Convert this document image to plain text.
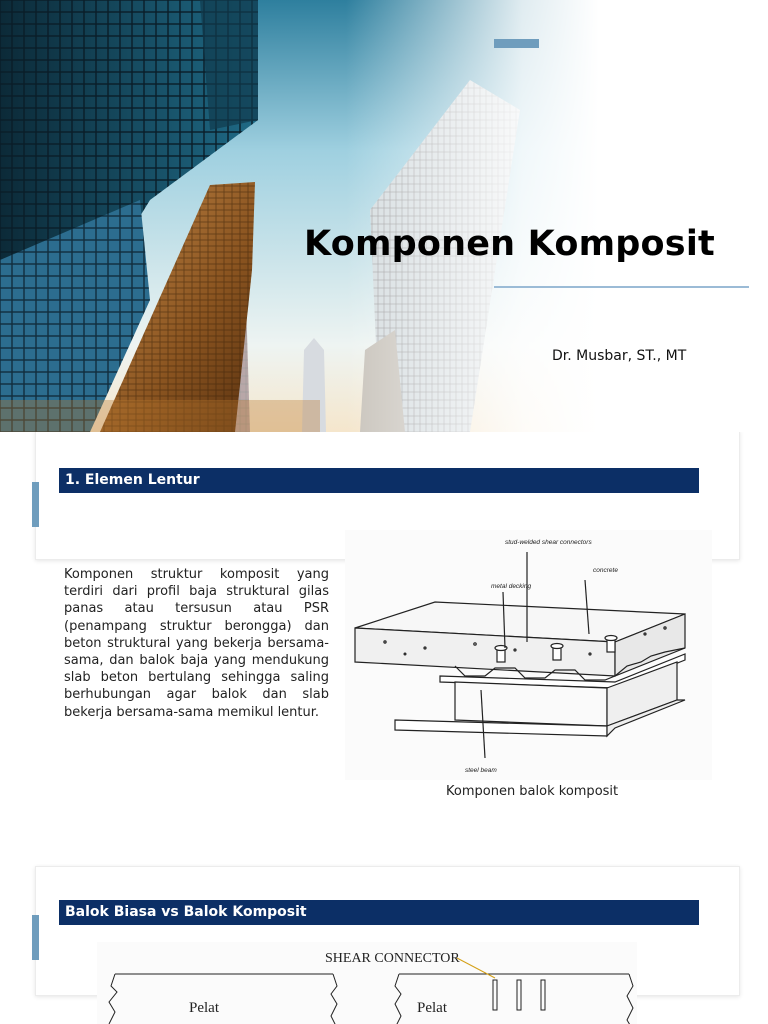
Komponen Komposit
Dr. Musbar, ST., MT
1. Elemen Lentur

Komponen struktur komposit yang terdiri dari profil baja struktural gilas panas atau tersusun atau PSR (penampang struktur berongga) dan beton struktural yang bekerja bersama-sama, dan balok baja yang mendukung slab beton bertulang sehingga saling berhubungan agar balok dan slab bekerja bersama-sama memikul lentur.

stud-welded shear connectors
concrete
metal decking
steel beam
Komponen balok komposit
Balok Biasa vs Balok Komposit
SHEAR CONNECTOR
Pelat	Pelat
